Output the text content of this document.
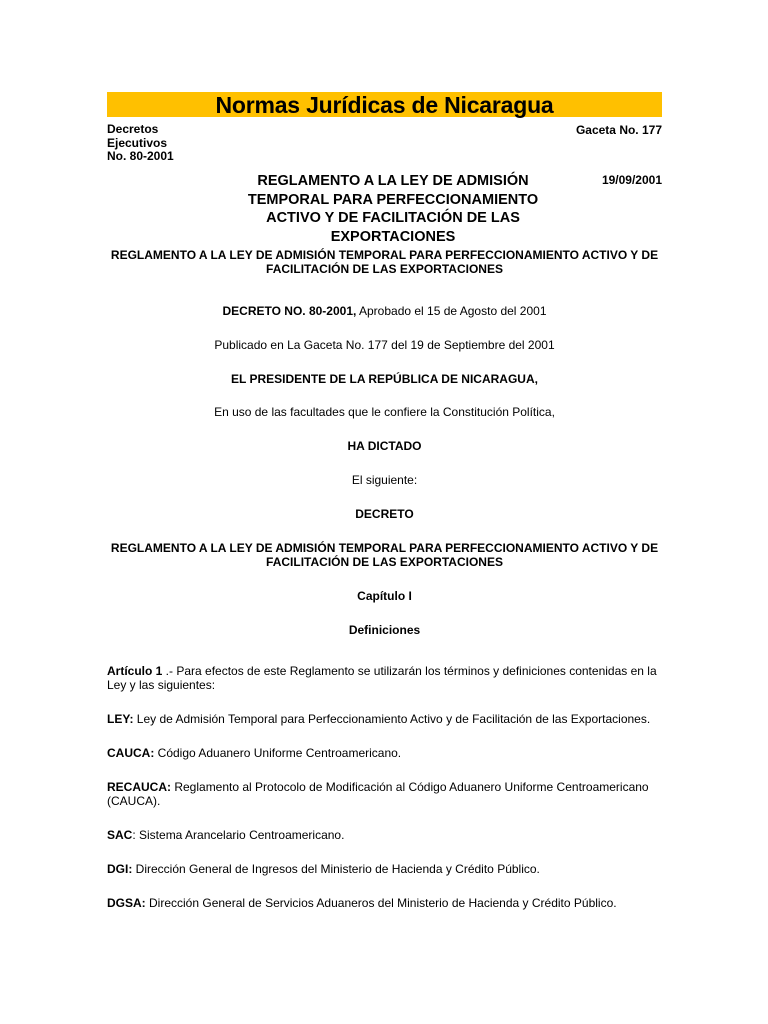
Normas Jurídicas de Nicaragua
Decretos
Ejecutivos
No. 80-2001
Gaceta No. 177
19/09/2001
REGLAMENTO A LA LEY DE ADMISIÓN TEMPORAL PARA PERFECCIONAMIENTO ACTIVO Y DE FACILITACIÓN DE LAS EXPORTACIONES

REGLAMENTO A LA LEY DE ADMISIÓN TEMPORAL PARA PERFECCIONAMIENTO ACTIVO Y DE FACILITACIÓN DE LAS EXPORTACIONES

DECRETO NO. 80-2001, Aprobado el 15 de Agosto del 2001

Publicado en La Gaceta No. 177 del 19 de Septiembre del 2001

EL PRESIDENTE DE LA REPÚBLICA DE NICARAGUA,

En uso de las facultades que le confiere la Constitución Política,

HA DICTADO

El siguiente:

DECRETO

REGLAMENTO A LA LEY DE ADMISIÓN TEMPORAL PARA PERFECCIONAMIENTO ACTIVO Y DE FACILITACIÓN DE LAS EXPORTACIONES

Capítulo I

Definiciones

Artículo 1 .- Para efectos de este Reglamento se utilizarán los términos y definiciones contenidas en la Ley y las siguientes:

LEY: Ley de Admisión Temporal para Perfeccionamiento Activo y de Facilitación de las Exportaciones.

CAUCA: Código Aduanero Uniforme Centroamericano.

RECAUCA: Reglamento al Protocolo de Modificación al Código Aduanero Uniforme Centroamericano (CAUCA).

SAC: Sistema Arancelario Centroamericano.

DGI: Dirección General de Ingresos del Ministerio de Hacienda y Crédito Público.

DGSA: Dirección General de Servicios Aduaneros del Ministerio de Hacienda y Crédito Público.
